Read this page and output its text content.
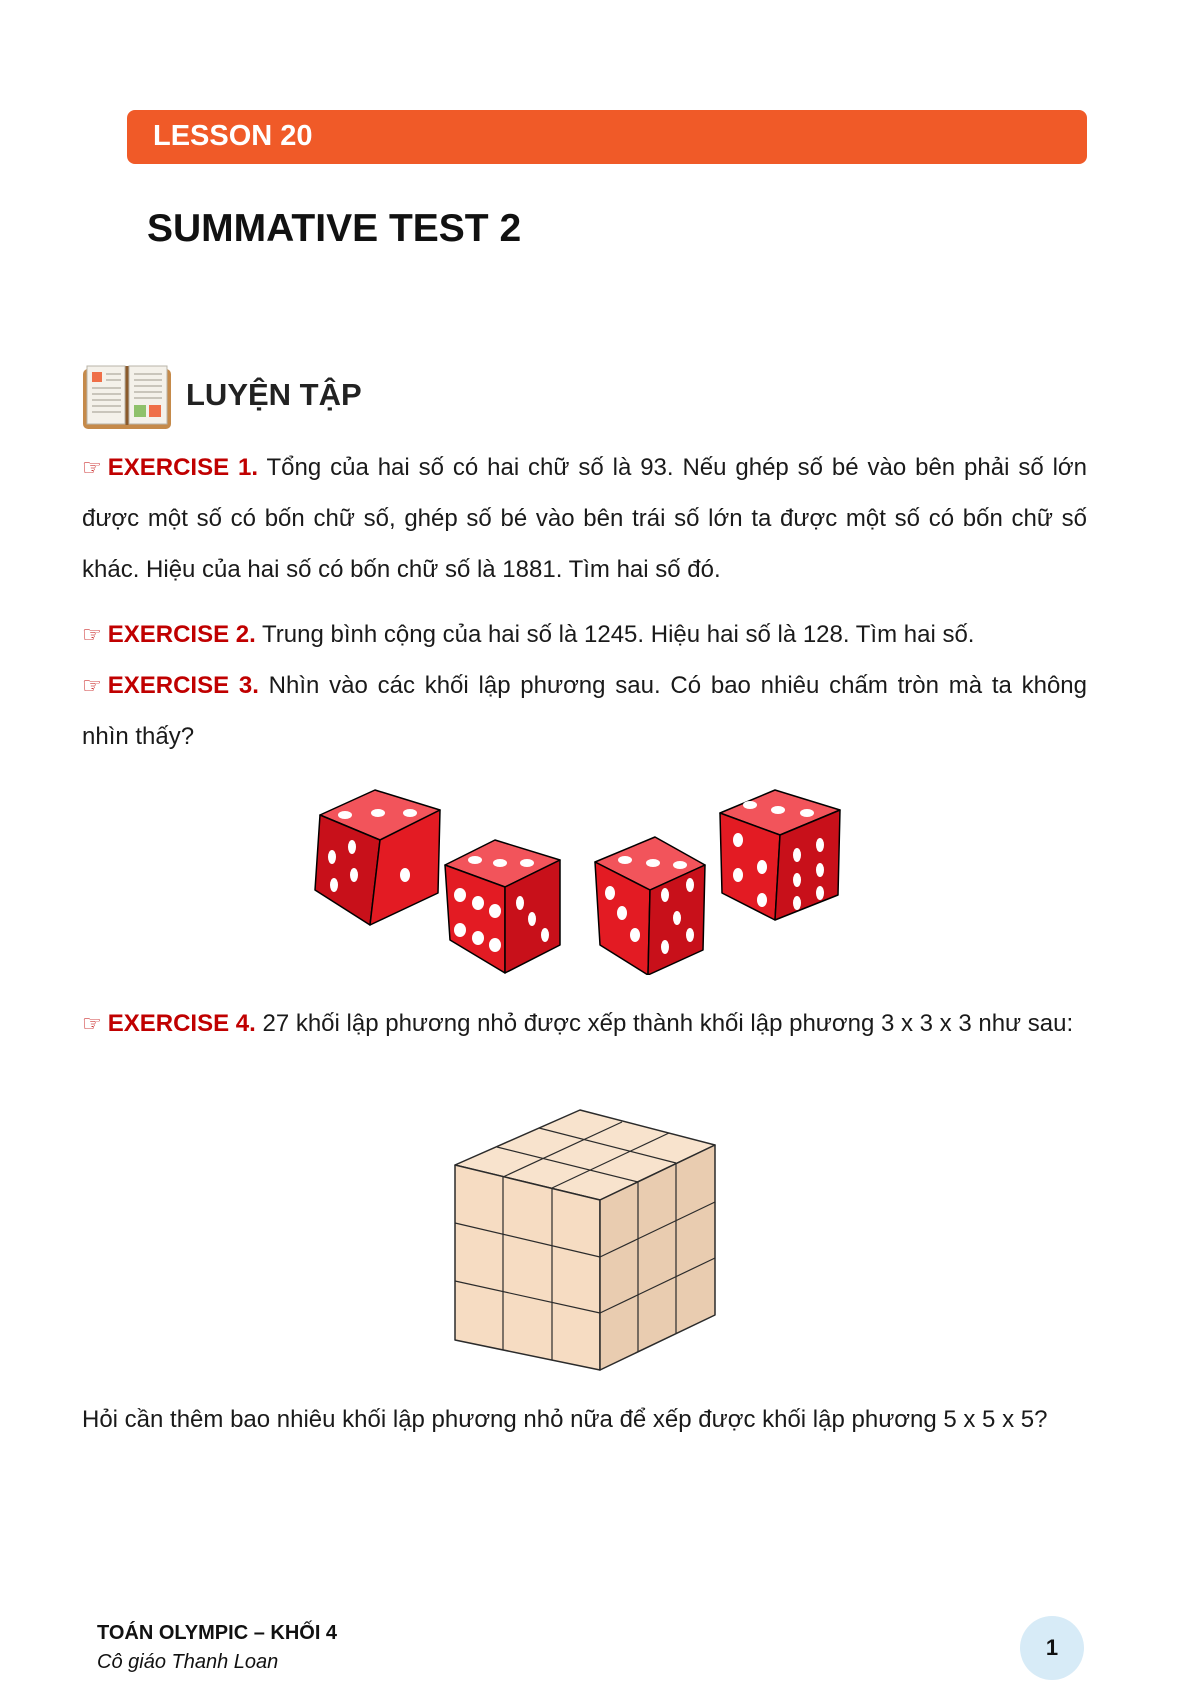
LESSON 20
SUMMATIVE TEST 2
LUYỆN TẬP

☞ EXERCISE 1. Tổng của hai số có hai chữ số là 93. Nếu ghép số bé vào bên phải số lớn được một số có bốn chữ số, ghép số bé vào bên trái số lớn ta được một số có bốn chữ số khác. Hiệu của hai số có bốn chữ số là 1881. Tìm hai số đó.

☞ EXERCISE 2. Trung bình cộng của hai số là 1245. Hiệu hai số là 128. Tìm hai số.

☞ EXERCISE 3. Nhìn vào các khối lập phương sau. Có bao nhiêu chấm tròn mà ta không nhìn thấy?

☞ EXERCISE 4. 27 khối lập phương nhỏ được xếp thành khối lập phương 3 x 3 x 3 như sau:

Hỏi cần thêm bao nhiêu khối lập phương nhỏ nữa để xếp được khối lập phương 5 x 5 x 5?

TOÁN OLYMPIC – KHỐI 4
Cô giáo Thanh Loan
1
